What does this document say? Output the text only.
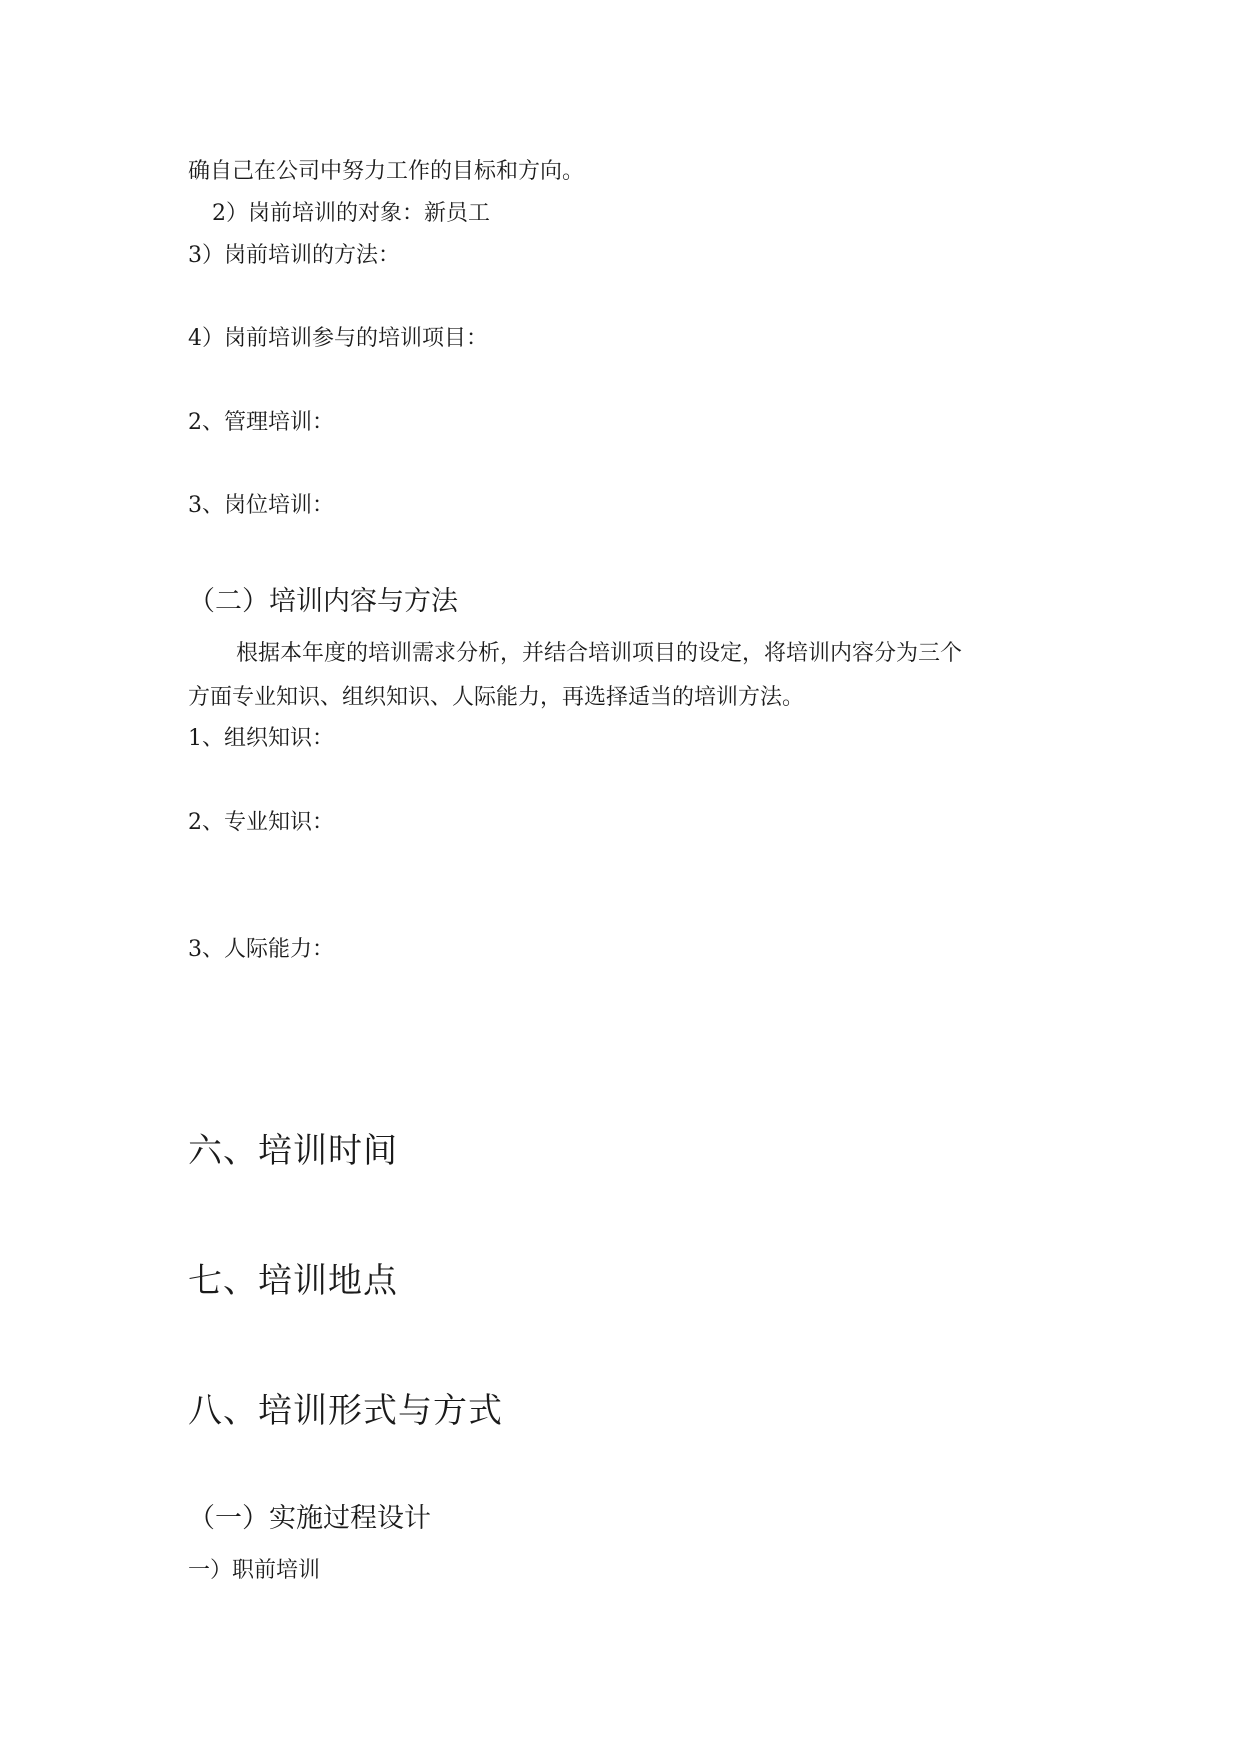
确自己在公司中努力工作的目标和方向。
2）岗前培训的对象：新员工
3）岗前培训的方法：
4）岗前培训参与的培训项目：
2、管理培训：
3、岗位培训：
（二）培训内容与方法
根据本年度的培训需求分析，并结合培训项目的设定，将培训内容分为三个
方面专业知识、组织知识、人际能力，再选择适当的培训方法。
1、组织知识：
2、专业知识：
3、人际能力：
六、培训时间
七、培训地点
八、培训形式与方式
（一）实施过程设计
一）职前培训
